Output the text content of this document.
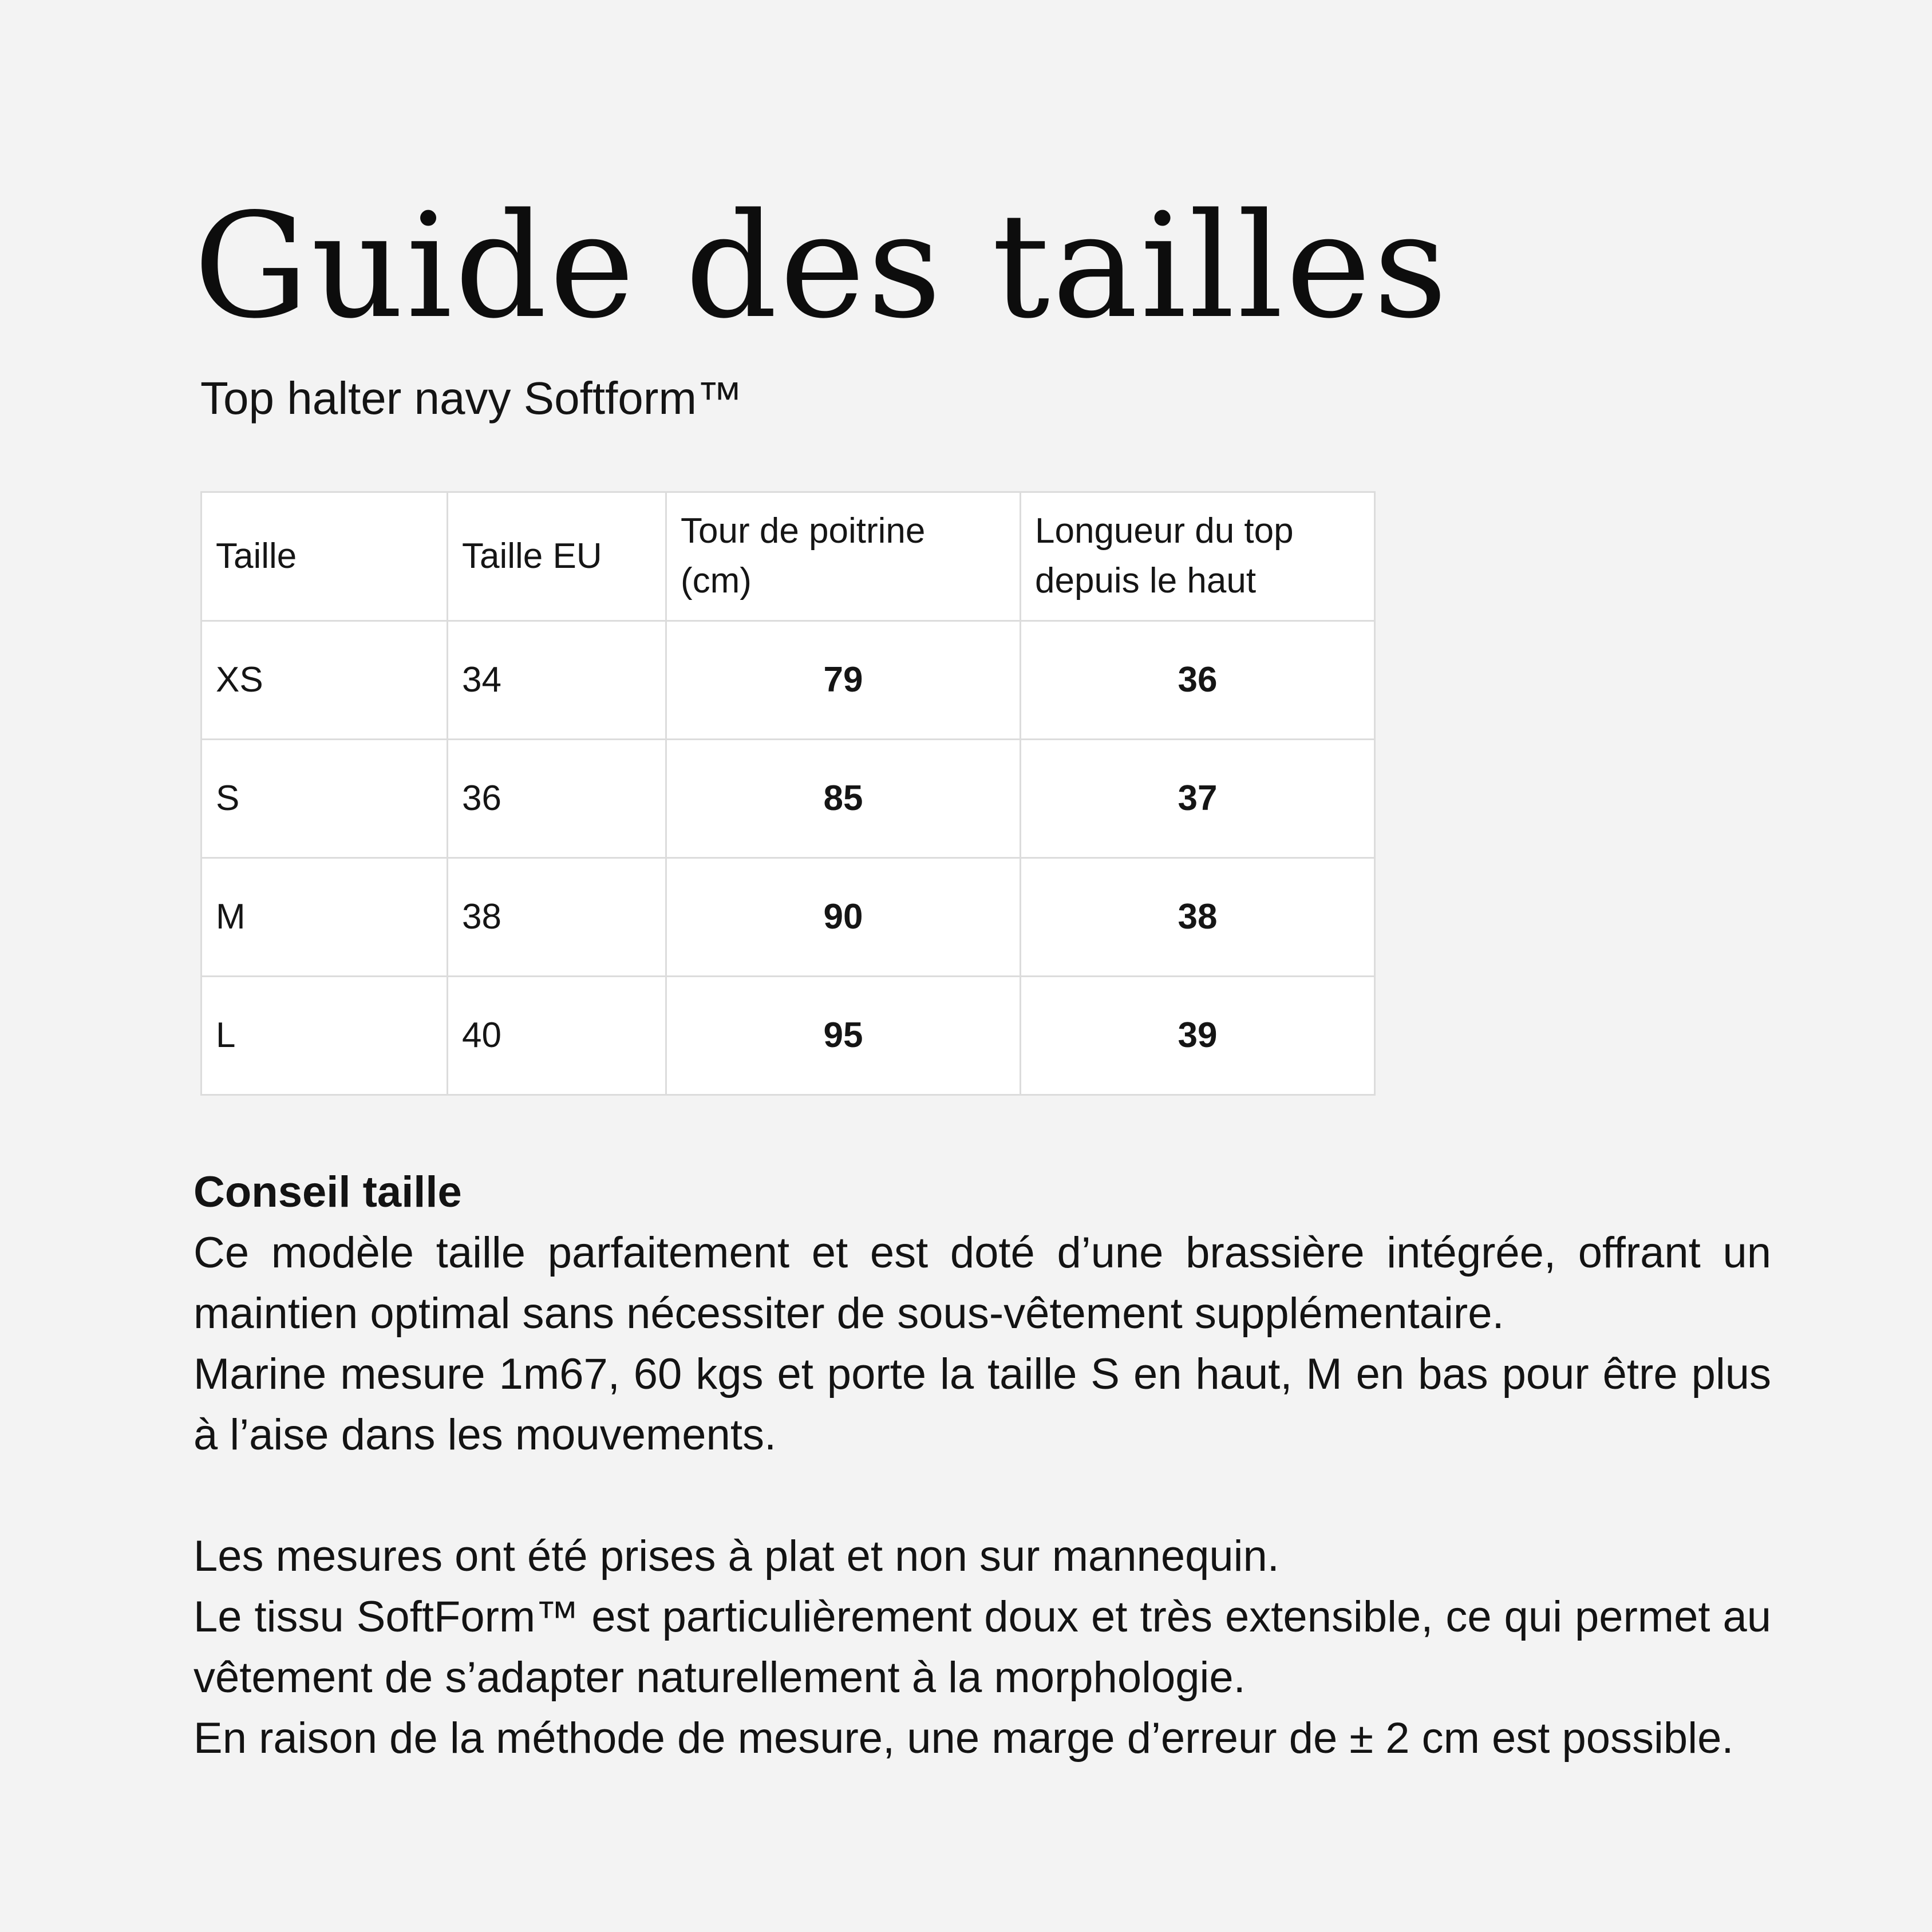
Guide des tailles

Top halter navy Softform™

Taille	Taille EU	Tour de poitrine (cm)	Longueur du top depuis le haut
XS	34	79	36
S	36	85	37
M	38	90	38
L	40	95	39

Conseil taille

Ce modèle taille parfaitement et est doté d’une brassière intégrée, offrant un maintien optimal sans nécessiter de sous-vêtement supplémentaire.

Marine mesure 1m67, 60 kgs et porte la taille S en haut, M en bas pour être plus à l’aise dans les mouvements.

Les mesures ont été prises à plat et non sur mannequin.

Le tissu SoftForm™ est particulièrement doux et très extensible, ce qui permet au vêtement de s’adapter naturellement à la morphologie.

En raison de la méthode de mesure, une marge d’erreur de ± 2 cm est possible.
